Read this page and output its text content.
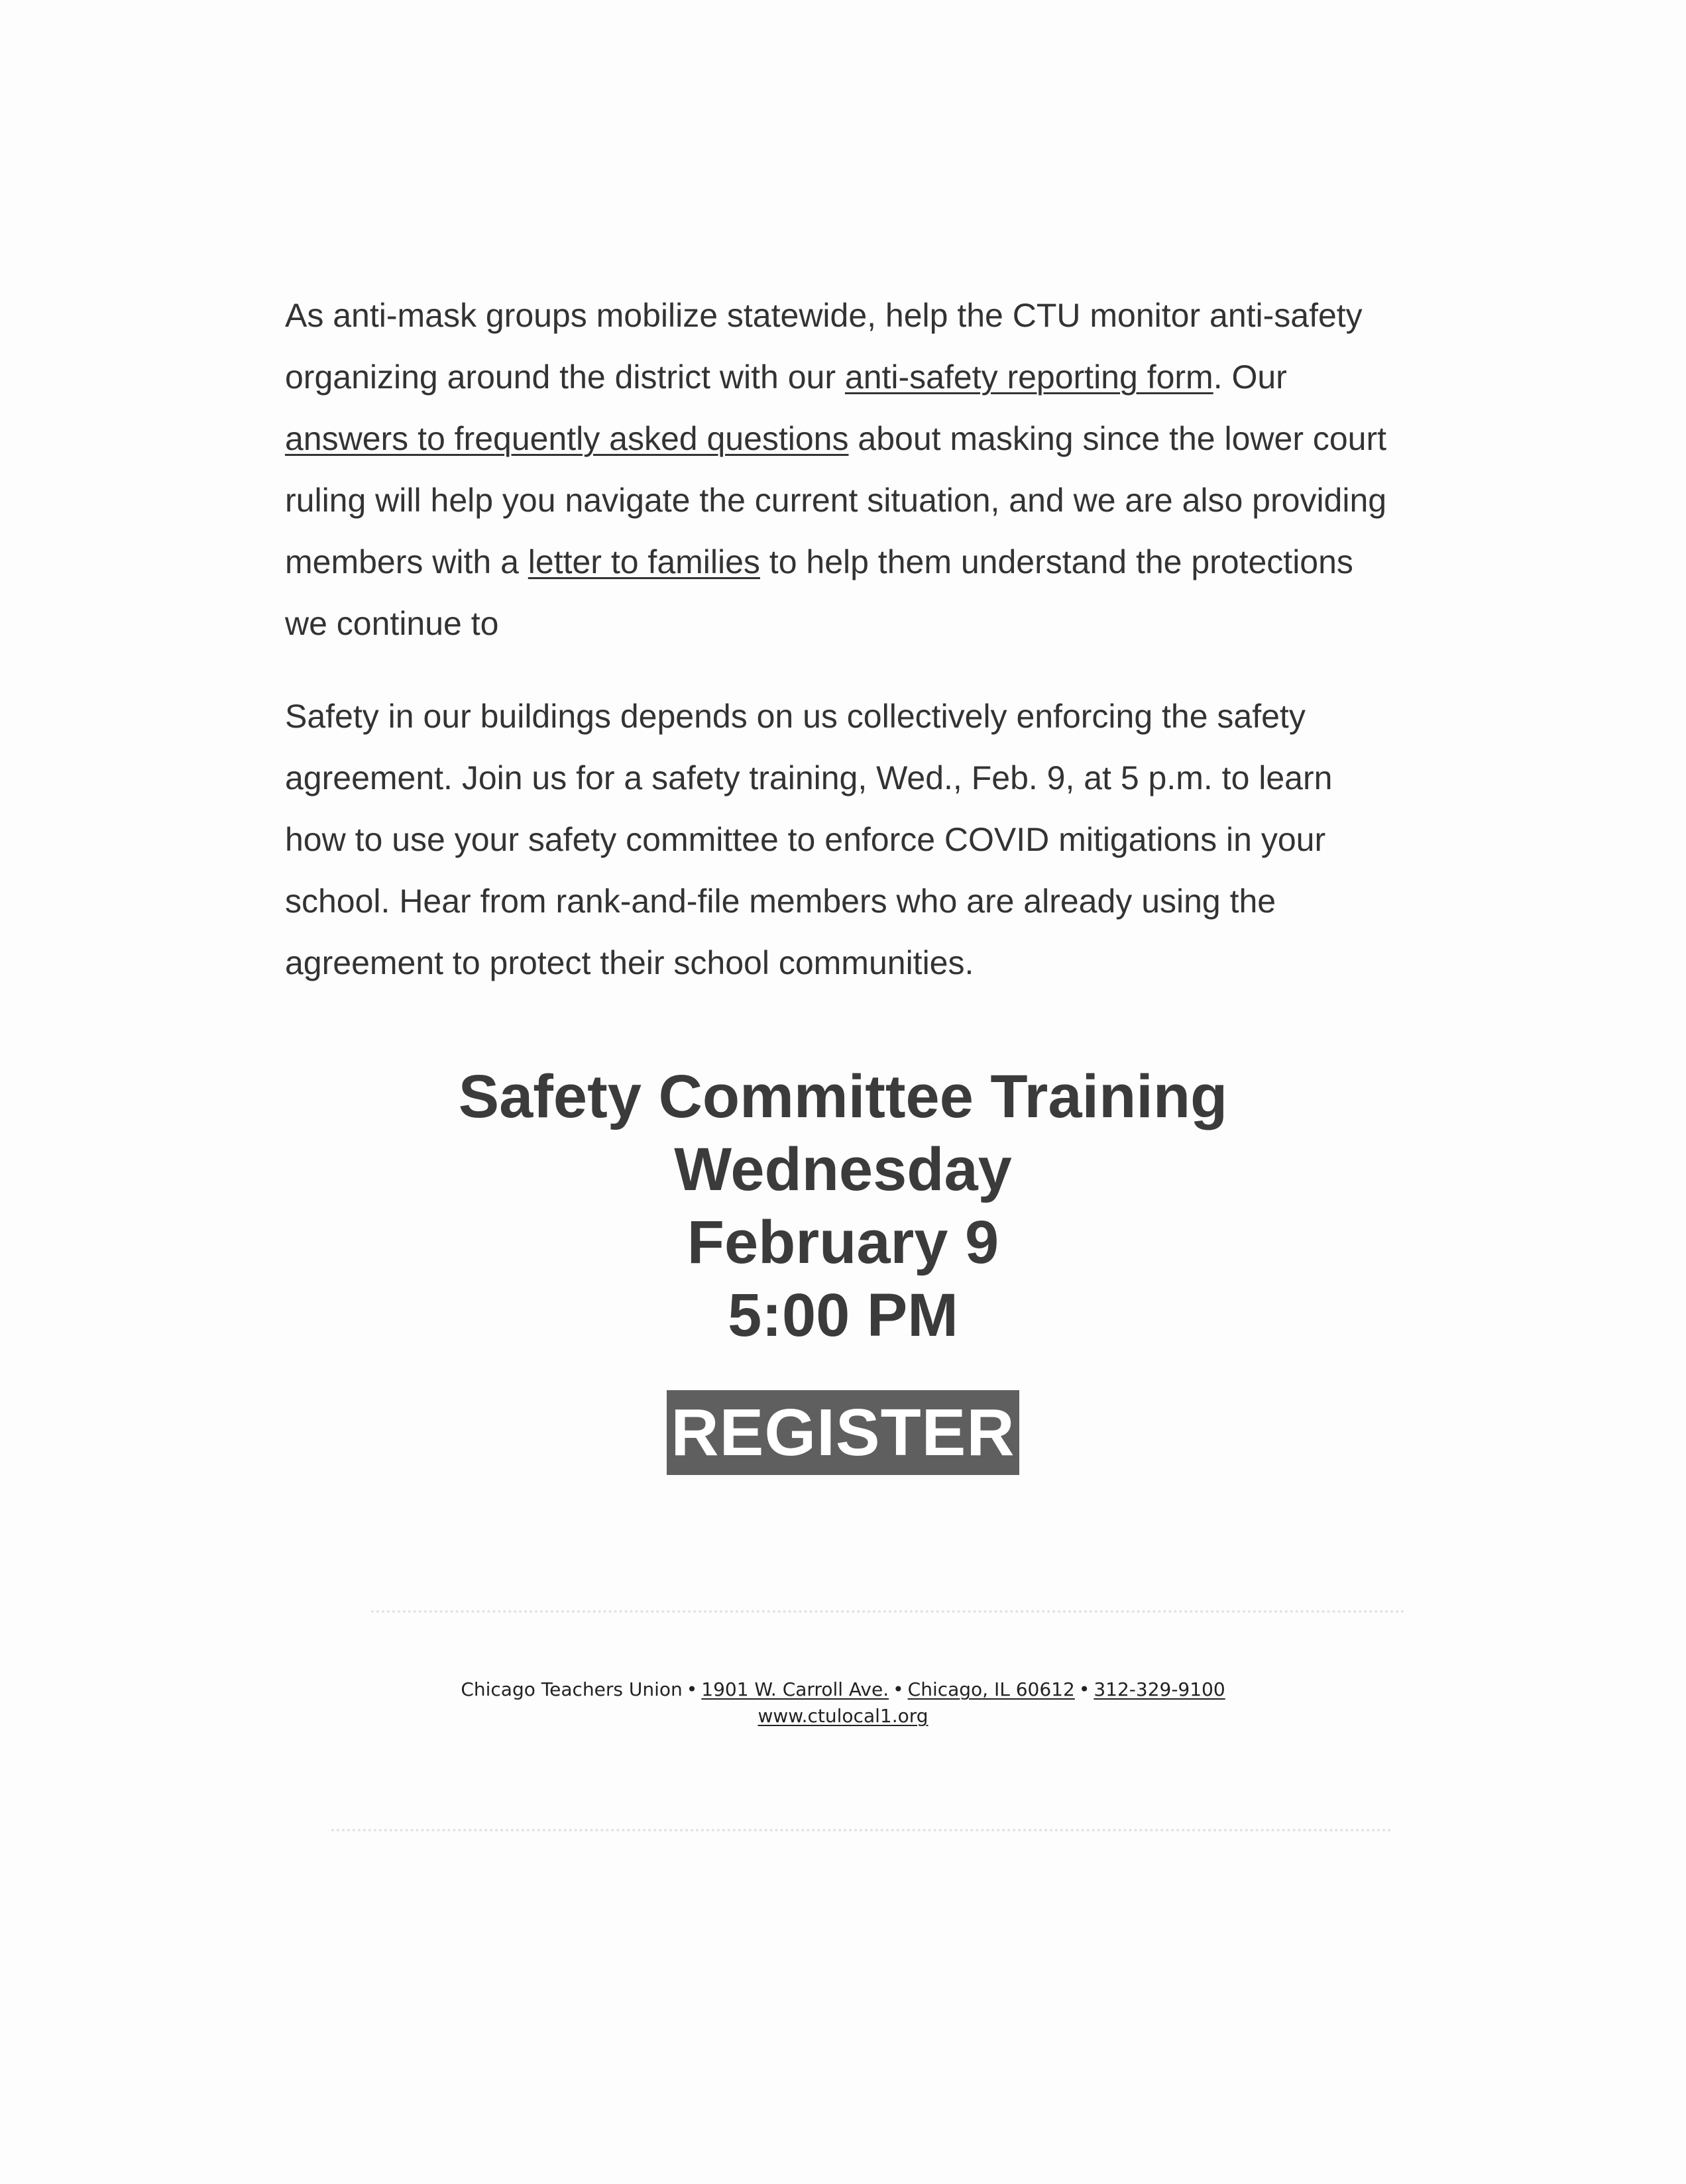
As anti-mask groups mobilize statewide, help the CTU monitor anti-safety organizing around the district with our anti-safety reporting form. Our answers to frequently asked questions about masking since the lower court ruling will help you navigate the current situation, and we are also providing members with a letter to families to help them understand the protections we continue to
Safety in our buildings depends on us collectively enforcing the safety agreement. Join us for a safety training, Wed., Feb. 9, at 5 p.m. to learn how to use your safety committee to enforce COVID mitigations in your school. Hear from rank-and-file members who are already using the agreement to protect their school communities.
Safety Committee Training
Wednesday
February 9
5:00 PM
REGISTER
Chicago Teachers Union • 1901 W. Carroll Ave. • Chicago, IL 60612 • 312-329-9100
www.ctulocal1.org
